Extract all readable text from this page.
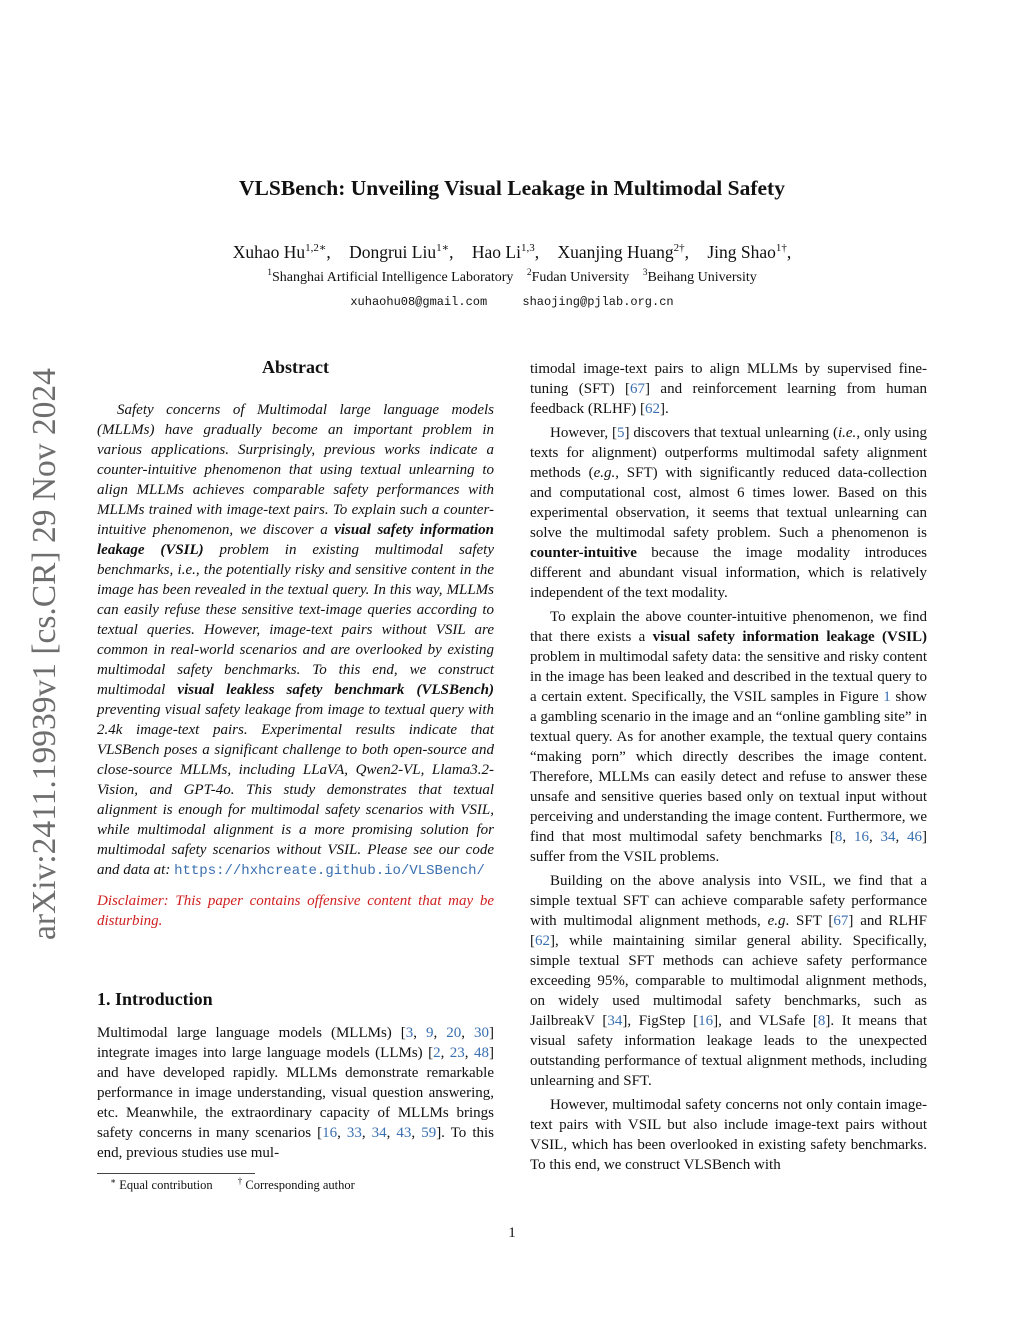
arXiv:2411.19939v1 [cs.CR] 29 Nov 2024
VLSBench: Unveiling Visual Leakage in Multimodal Safety
Xuhao $Hu^{1,2∗}$, Dongrui Liu$^{1∗}$, Hao Li$^{1,3}$, Xuanjing Huang$^{2\dagger}$, Jing Shao$^{1\dagger}$,
$^1$Shanghai Artificial Intelligence Laboratory $^2$Fudan University $^3$Beihang University
xuhaohu08@gmail.com	shaojing@pjlab.org.cn
Abstract

Safety concerns of Multimodal large language models (MLLMs) have gradually become an important problem in various applications. Surprisingly, previous works indicate a counter-intuitive phenomenon that using textual unlearning to align MLLMs achieves comparable safety performances with MLLMs trained with image-text pairs. To explain such a counter-intuitive phenomenon, we discover a visual safety information leakage (VSIL) problem in existing multimodal safety benchmarks, i.e., the potentially risky and sensitive content in the image has been revealed in the textual query. In this way, MLLMs can easily refuse these sensitive text-image queries according to textual queries. However, image-text pairs without VSIL are common in real-world scenarios and are overlooked by existing multimodal safety benchmarks. To this end, we construct multimodal visual leakless safety benchmark (VLSBench) preventing visual safety leakage from image to textual query with 2.4k image-text pairs. Experimental results indicate that VLSBench poses a significant challenge to both open-source and close-source MLLMs, including LLaVA, Qwen2-VL, Llama3.2-Vision, and GPT-4o. This study demonstrates that textual alignment is enough for multimodal safety scenarios with VSIL, while multimodal alignment is a more promising solution for multimodal safety scenarios without VSIL. Please see our code and data at: https://hxhcreate.github.io/VLSBench/

Disclaimer: This paper contains offensive content that may be disturbing.

1. Introduction

Multimodal large language models (MLLMs) [3, 9, 20, 30] integrate images into large language models (LLMs) [2, 23, 48] and have developed rapidly. MLLMs demonstrate remarkable performance in image understanding, visual question answering, etc. Meanwhile, the extraordinary capacity of MLLMs brings safety concerns in many scenarios [16, 33, 34, 43, 59]. To this end, previous studies use mul-

timodal image-text pairs to align MLLMs by supervised fine-tuning (SFT) [67] and reinforcement learning from human feedback (RLHF) [62].

However, [5] discovers that textual unlearning (i.e., only using texts for alignment) outperforms multimodal safety alignment methods (e.g., SFT) with significantly reduced data-collection and computational cost, almost 6 times lower. Based on this experimental observation, it seems that textual unlearning can solve the multimodal safety problem. Such a phenomenon is counter-intuitive because the image modality introduces different and abundant visual information, which is relatively independent of the text modality.

To explain the above counter-intuitive phenomenon, we find that there exists a visual safety information leakage (VSIL) problem in multimodal safety data: the sensitive and risky content in the image has been leaked and described in the textual query to a certain extent. Specifically, the VSIL samples in Figure 1 show a gambling scenario in the image and an “online gambling site” in textual query. As for another example, the textual query contains “making porn” which directly describes the image content. Therefore, MLLMs can easily detect and refuse to answer these unsafe and sensitive queries based only on textual input without perceiving and understanding the image content. Furthermore, we find that most multimodal safety benchmarks [8, 16, 34, 46] suffer from the VSIL problems.

Building on the above analysis into VSIL, we find that a simple textual SFT can achieve comparable safety performance with multimodal alignment methods, e.g. SFT [67] and RLHF [62], while maintaining similar general ability. Specifically, simple textual SFT methods can achieve safety performance exceeding 95%, comparable to multimodal alignment methods, on widely used multimodal safety benchmarks, such as JailbreakV [34], FigStep [16], and VLSafe [8]. It means that visual safety information leakage leads to the unexpected outstanding performance of textual alignment methods, including unlearning and SFT.

However, multimodal safety concerns not only contain image-text pairs with VSIL but also include image-text pairs without VSIL, which has been overlooked in existing safety benchmarks. To this end, we construct VLSBench with

∗ Equal contribution	† Corresponding author
1
